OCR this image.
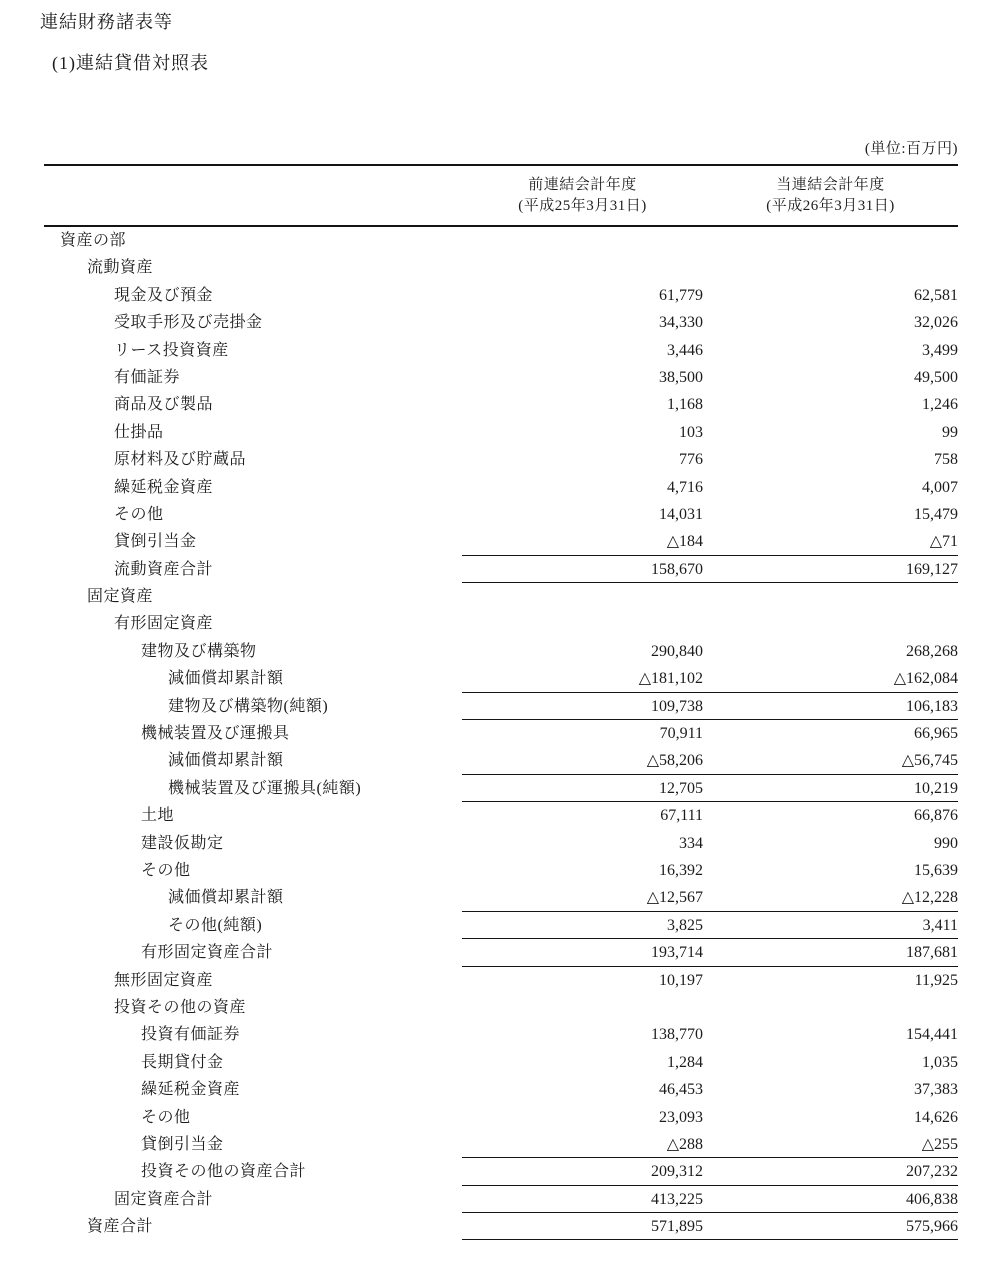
連結財務諸表等
(1)連結貸借対照表
(単位:百万円)
前連結会計年度
(平成25年3月31日)
当連結会計年度
(平成26年3月31日)
資産の部
流動資産
現金及び預金	61,779	62,581
受取手形及び売掛金	34,330	32,026
リース投資資産	3,446	3,499
有価証券	38,500	49,500
商品及び製品	1,168	1,246
仕掛品	103	99
原材料及び貯蔵品	776	758
繰延税金資産	4,716	4,007
その他	14,031	15,479
貸倒引当金	△184	△71
流動資産合計	158,670	169,127
固定資産
有形固定資産
建物及び構築物	290,840	268,268
減価償却累計額	△181,102	△162,084
建物及び構築物(純額)	109,738	106,183
機械装置及び運搬具	70,911	66,965
減価償却累計額	△58,206	△56,745
機械装置及び運搬具(純額)	12,705	10,219
土地	67,111	66,876
建設仮勘定	334	990
その他	16,392	15,639
減価償却累計額	△12,567	△12,228
その他(純額)	3,825	3,411
有形固定資産合計	193,714	187,681
無形固定資産	10,197	11,925
投資その他の資産
投資有価証券	138,770	154,441
長期貸付金	1,284	1,035
繰延税金資産	46,453	37,383
その他	23,093	14,626
貸倒引当金	△288	△255
投資その他の資産合計	209,312	207,232
固定資産合計	413,225	406,838
資産合計	571,895	575,966
